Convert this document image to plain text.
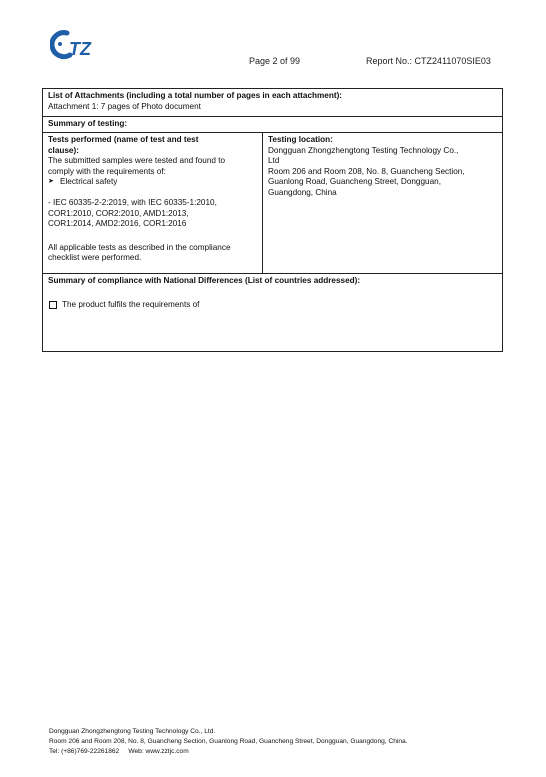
TZ
Page 2 of 99	Report No.: CTZ2411070SIE03
List of Attachments (including a total number of pages in each attachment):
Attachment 1: 7 pages of Photo document
Summary of testing:
Tests performed (name of test and test
clause):
The submitted samples were tested and found to
comply with the requirements of:
➤ Electrical safety
- IEC 60335-2-2:2019, with IEC 60335-1:2010,
COR1:2010, COR2:2010, AMD1:2013,
COR1:2014, AMD2:2016, COR1:2016
All applicable tests as described in the compliance
checklist were performed.
Testing location:
Dongguan Zhongzhengtong Testing Technology Co.,
Ltd
Room 206 and Room 208, No. 8, Guancheng Section,
Guanlong Road, Guancheng Street, Dongguan,
Guangdong, China
Summary of compliance with National Differences (List of countries addressed):
The product fulfils the requirements of
Dongguan Zhongzhengtong Testing Technology Co., Ltd.
Room 206 and Room 208, No. 8, Guancheng Section, Guanlong Road, Guancheng Street, Dongguan, Guangdong, China.
Tel: (+86)769-22261862     Web: www.zztjc.com
